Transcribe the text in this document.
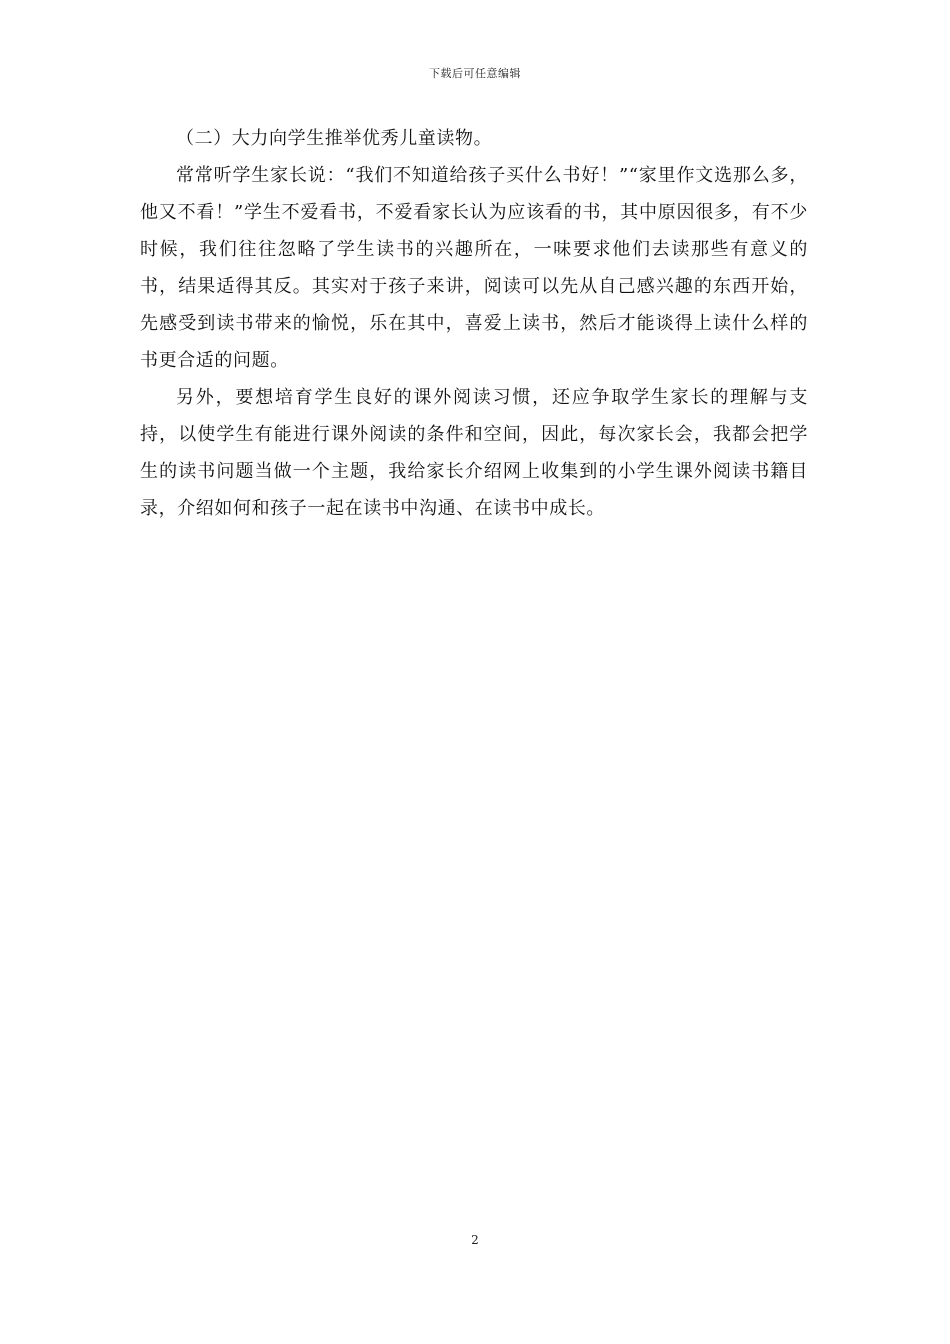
下载后可任意编辑

（二）大力向学生推举优秀儿童读物。

常常听学生家长说：“我们不知道给孩子买什么书好！”“家里作文选那么多，他又不看！”学生不爱看书，不爱看家长认为应该看的书，其中原因很多，有不少时候，我们往往忽略了学生读书的兴趣所在，一味要求他们去读那些有意义的书，结果适得其反。其实对于孩子来讲，阅读可以先从自己感兴趣的东西开始，先感受到读书带来的愉悦，乐在其中，喜爱上读书，然后才能谈得上读什么样的书更合适的问题。

另外，要想培育学生良好的课外阅读习惯，还应争取学生家长的理解与支持，以使学生有能进行课外阅读的条件和空间，因此，每次家长会，我都会把学生的读书问题当做一个主题，我给家长介绍网上收集到的小学生课外阅读书籍目录，介绍如何和孩子一起在读书中沟通、在读书中成长。

2
